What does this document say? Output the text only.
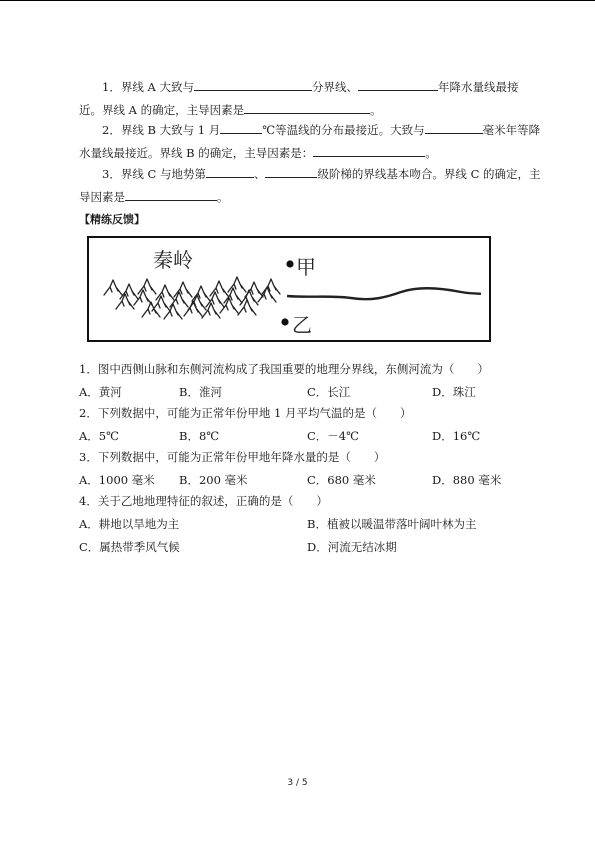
1．界线 A 大致与	分界线、	年降水量线最接近。界线 A 的确定，主导因素是	。
2．界线 B 大致与 1 月	℃等温线的分布最接近。大致与	毫米年等降水量线最接近。界线 B 的确定，主导因素是：	。
3．界线 C 与地势第	、	级阶梯的界线基本吻合。界线 C 的确定，主导因素是	。
【精练反馈】
秦岭	甲
乙
1．图中西侧山脉和东侧河流构成了我国重要的地理分界线，东侧河流为（　　）
A．黄河	B．淮河	C．长江	D．珠江
2．下列数据中，可能为正常年份甲地 1 月平均气温的是（　　）
A．5℃	B．8℃	C．－4℃	D．16℃
3．下列数据中，可能为正常年份甲地年降水量的是（　　）
A．1000 毫米 B．200 毫米	C．680 毫米	D．880 毫米
4．关于乙地地理特征的叙述，正确的是（　　）
A．耕地以旱地为主	B．植被以暖温带落叶阔叶林为主
C．属热带季风气候	D．河流无结冰期
3 / 5
